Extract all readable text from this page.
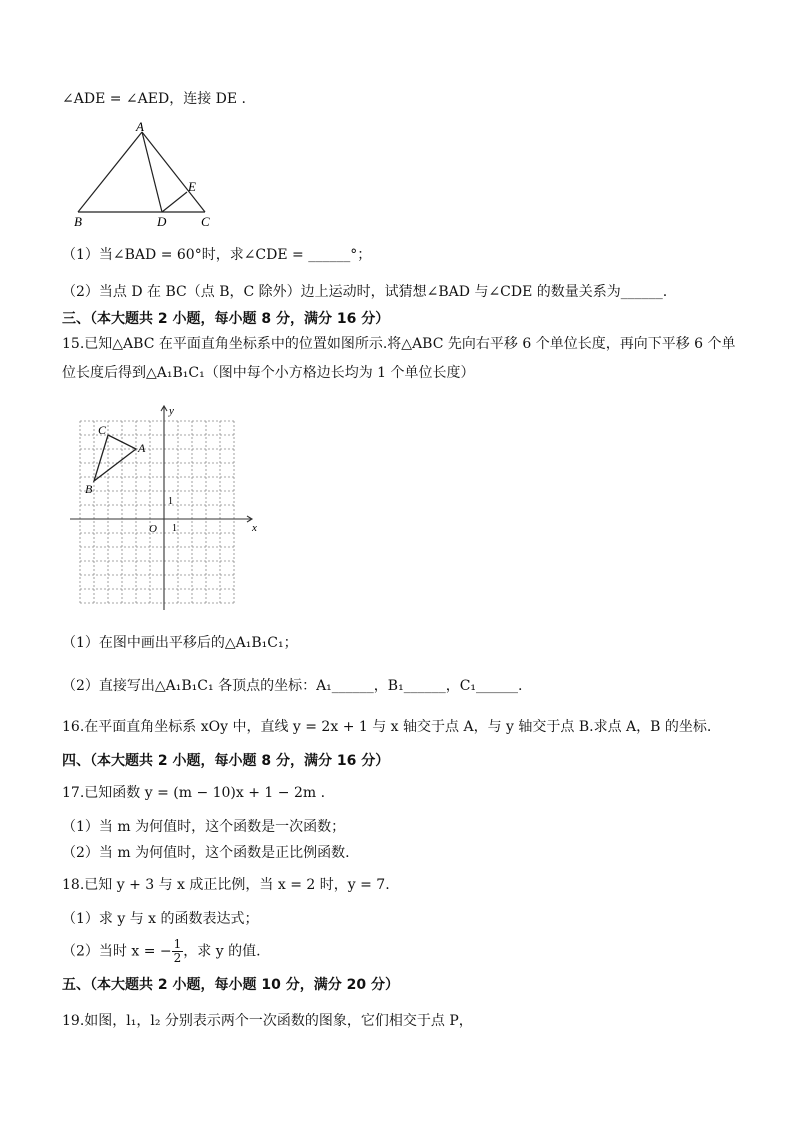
∠ADE = ∠AED，连接 DE .
A
B	D	C
E
（1）当∠BAD = 60°时，求∠CDE = ______°；
（2）当点 D 在 BC（点 B，C 除外）边上运动时，试猜想∠BAD 与∠CDE 的数量关系为______.
三、（本大题共 2 小题，每小题 8 分，满分 16 分）
15.已知△ABC 在平面直角坐标系中的位置如图所示.将△ABC 先向右平移 6 个单位长度，再向下平移 6 个单
位长度后得到△A₁B₁C₁（图中每个小方格边长均为 1 个单位长度）
C
A
B
O 1
1
x
y
（1）在图中画出平移后的△A₁B₁C₁；
（2）直接写出△A₁B₁C₁ 各顶点的坐标：A₁______，B₁______，C₁______.
16.在平面直角坐标系 xOy 中，直线 y = 2x + 1 与 x 轴交于点 A，与 y 轴交于点 B.求点 A，B 的坐标.
四、（本大题共 2 小题，每小题 8 分，满分 16 分）
17.已知函数 y = (m − 10)x + 1 − 2m .
（1）当 m 为何值时，这个函数是一次函数；
（2）当 m 为何值时，这个函数是正比例函数.
18.已知 y + 3 与 x 成正比例，当 x = 2 时，y = 7.
（1）求 y 与 x 的函数表达式；
（2）当时 x = − $\frac{1}{2}$ ，求 y 的值.
五、（本大题共 2 小题，每小题 10 分，满分 20 分）
19.如图，l₁，l₂ 分别表示两个一次函数的图象，它们相交于点 P，
